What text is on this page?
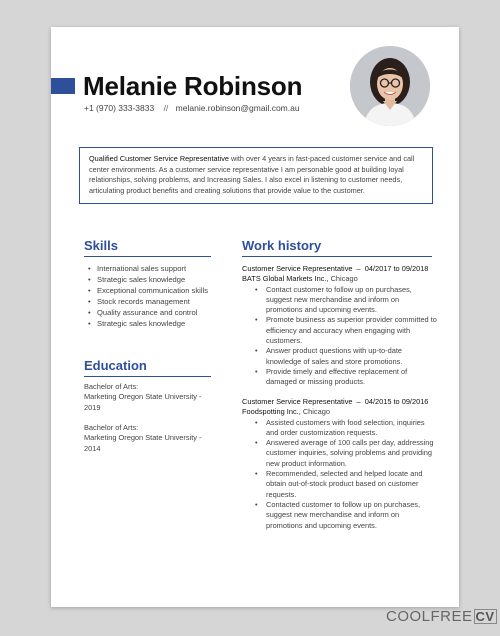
Melanie Robinson
+1 (970) 333-3833 // melanie.robinson@gmail.com.au
Qualified Customer Service Representative with over 4 years in fast-paced customer service and call center environments. As a customer service representative I am personable good at building loyal relationships, solving problems, and Increasing Sales. I also excel in listening to customer needs, articulating product benefits and creating solutions that provide value to the customer.
Skills
• International sales support
• Strategic sales knowledge
• Exceptional communication skills
• Stock records management
• Quality assurance and control
• Strategic sales knowledge
Education
Bachelor of Arts:
Marketing Oregon State University - 2019
Bachelor of Arts:
Marketing Oregon State University - 2014
Work history
Customer Service Representative – 04/2017 to 09/2018
BATS Global Markets Inc., Chicago
• Contact customer to follow up on purchases, suggest new merchandise and inform on promotions and upcoming events.
• Promote business as superior provider committed to efficiency and accuracy when engaging with customers.
• Answer product questions with up-to-date knowledge of sales and store promotions.
• Provide timely and effective replacement of damaged or missing products.
Customer Service Representative – 04/2015 to 09/2016
Foodspotting Inc., Chicago
• Assisted customers with food selection, inquiries and order customization requests.
• Answered average of 100 calls per day, addressing customer inquiries, solving problems and providing new product information.
• Recommended, selected and helped locate and obtain out-of-stock product based on customer requests.
• Contacted customer to follow up on purchases, suggest new merchandise and inform on promotions and upcoming events.
COOLFREE CV
